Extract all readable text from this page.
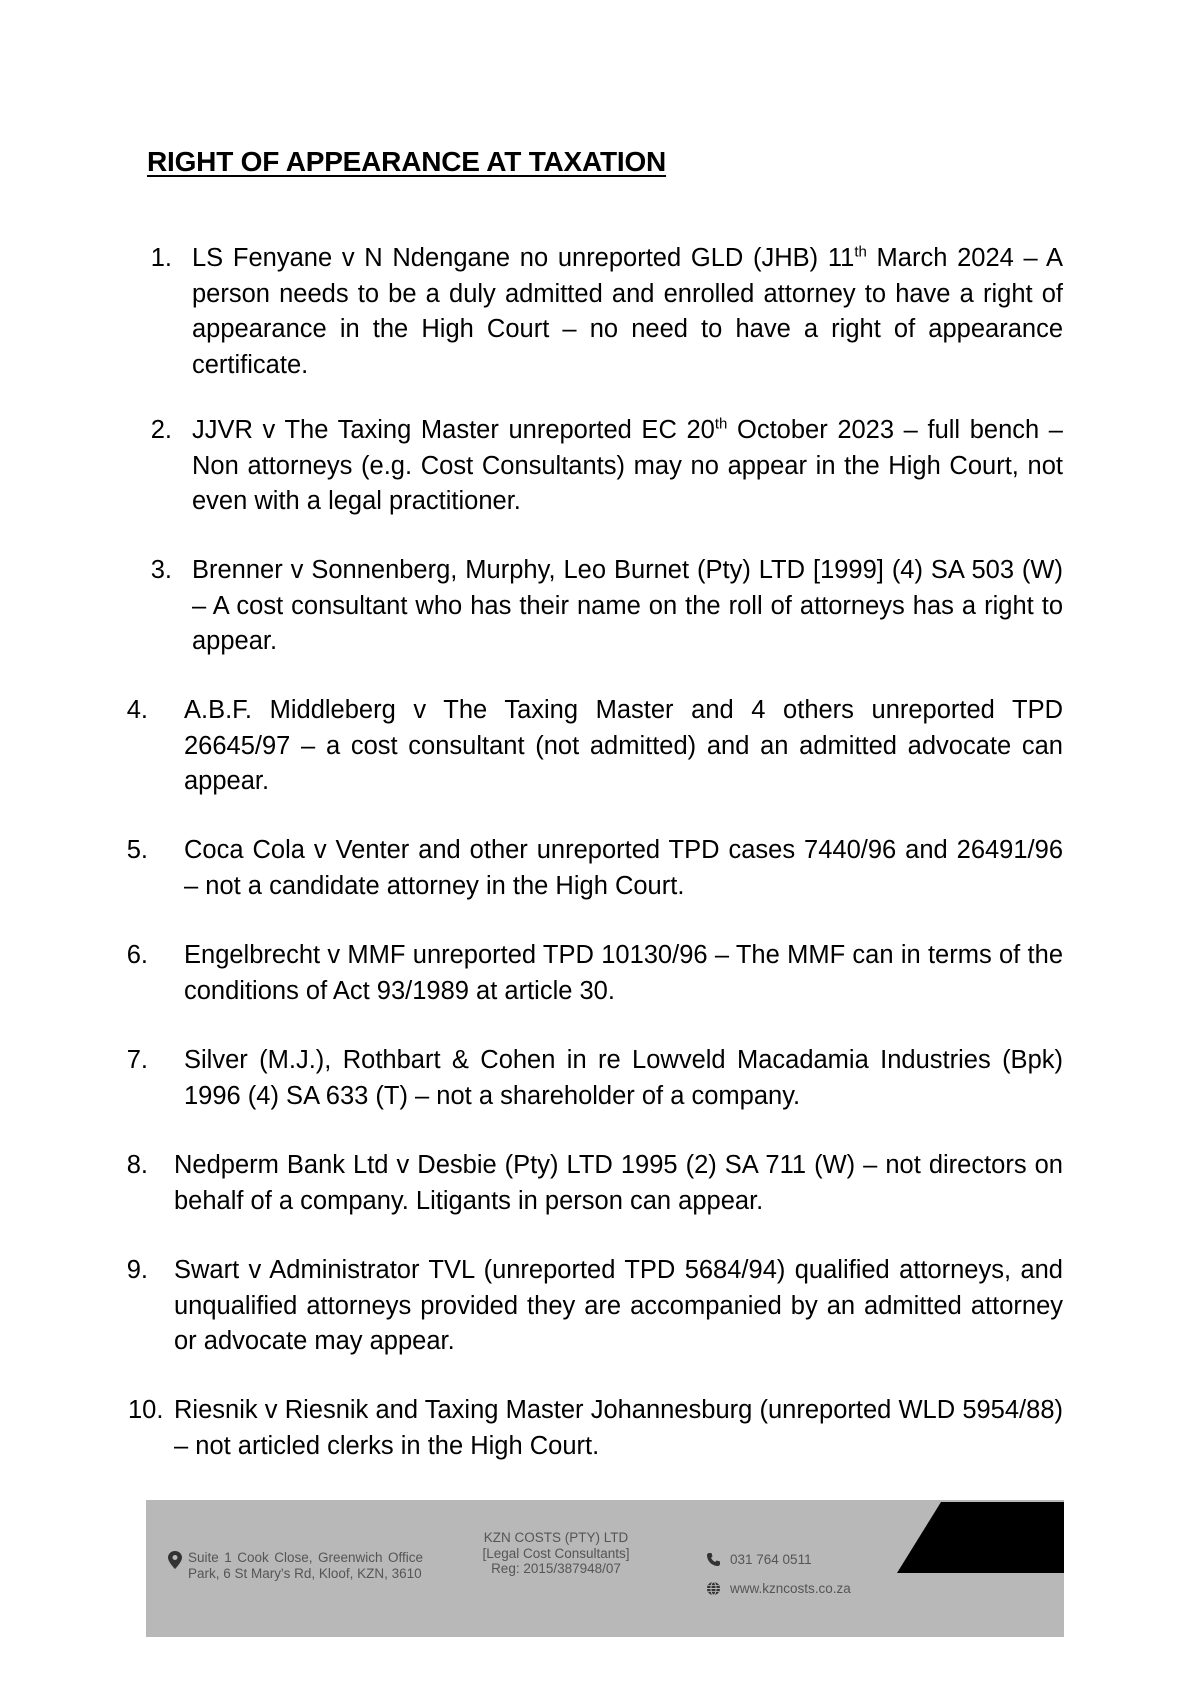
RIGHT OF APPEARANCE AT TAXATION
1. LS Fenyane v N Ndengane no unreported GLD (JHB) 11th March 2024 – A person needs to be a duly admitted and enrolled attorney to have a right of appearance in the High Court – no need to have a right of appearance certificate.
2. JJVR v The Taxing Master unreported EC 20th October 2023 – full bench – Non attorneys (e.g. Cost Consultants) may no appear in the High Court, not even with a legal practitioner.
3. Brenner v Sonnenberg, Murphy, Leo Burnet (Pty) LTD [1999] (4) SA 503 (W) – A cost consultant who has their name on the roll of attorneys has a right to appear.
4. A.B.F. Middleberg v The Taxing Master and 4 others unreported TPD 26645/97 – a cost consultant (not admitted) and an admitted advocate can appear.
5. Coca Cola v Venter and other unreported TPD cases 7440/96 and 26491/96 – not a candidate attorney in the High Court.
6. Engelbrecht v MMF unreported TPD 10130/96 – The MMF can in terms of the conditions of Act 93/1989 at article 30.
7. Silver (M.J.), Rothbart & Cohen in re Lowveld Macadamia Industries (Bpk) 1996 (4) SA 633 (T) – not a shareholder of a company.
8. Nedperm Bank Ltd v Desbie (Pty) LTD 1995 (2) SA 711 (W) – not directors on behalf of a company. Litigants in person can appear.
9. Swart v Administrator TVL (unreported TPD 5684/94) qualified attorneys, and unqualified attorneys provided they are accompanied by an admitted attorney or advocate may appear.
10. Riesnik v Riesnik and Taxing Master Johannesburg (unreported WLD 5954/88) – not articled clerks in the High Court.
Suite 1 Cook Close, Greenwich Office Park, 6 St Mary's Rd, Kloof, KZN, 3610
KZN COSTS (PTY) LTD
[Legal Cost Consultants]
Reg: 2015/387948/07
031 764 0511
www.kzncosts.co.za
